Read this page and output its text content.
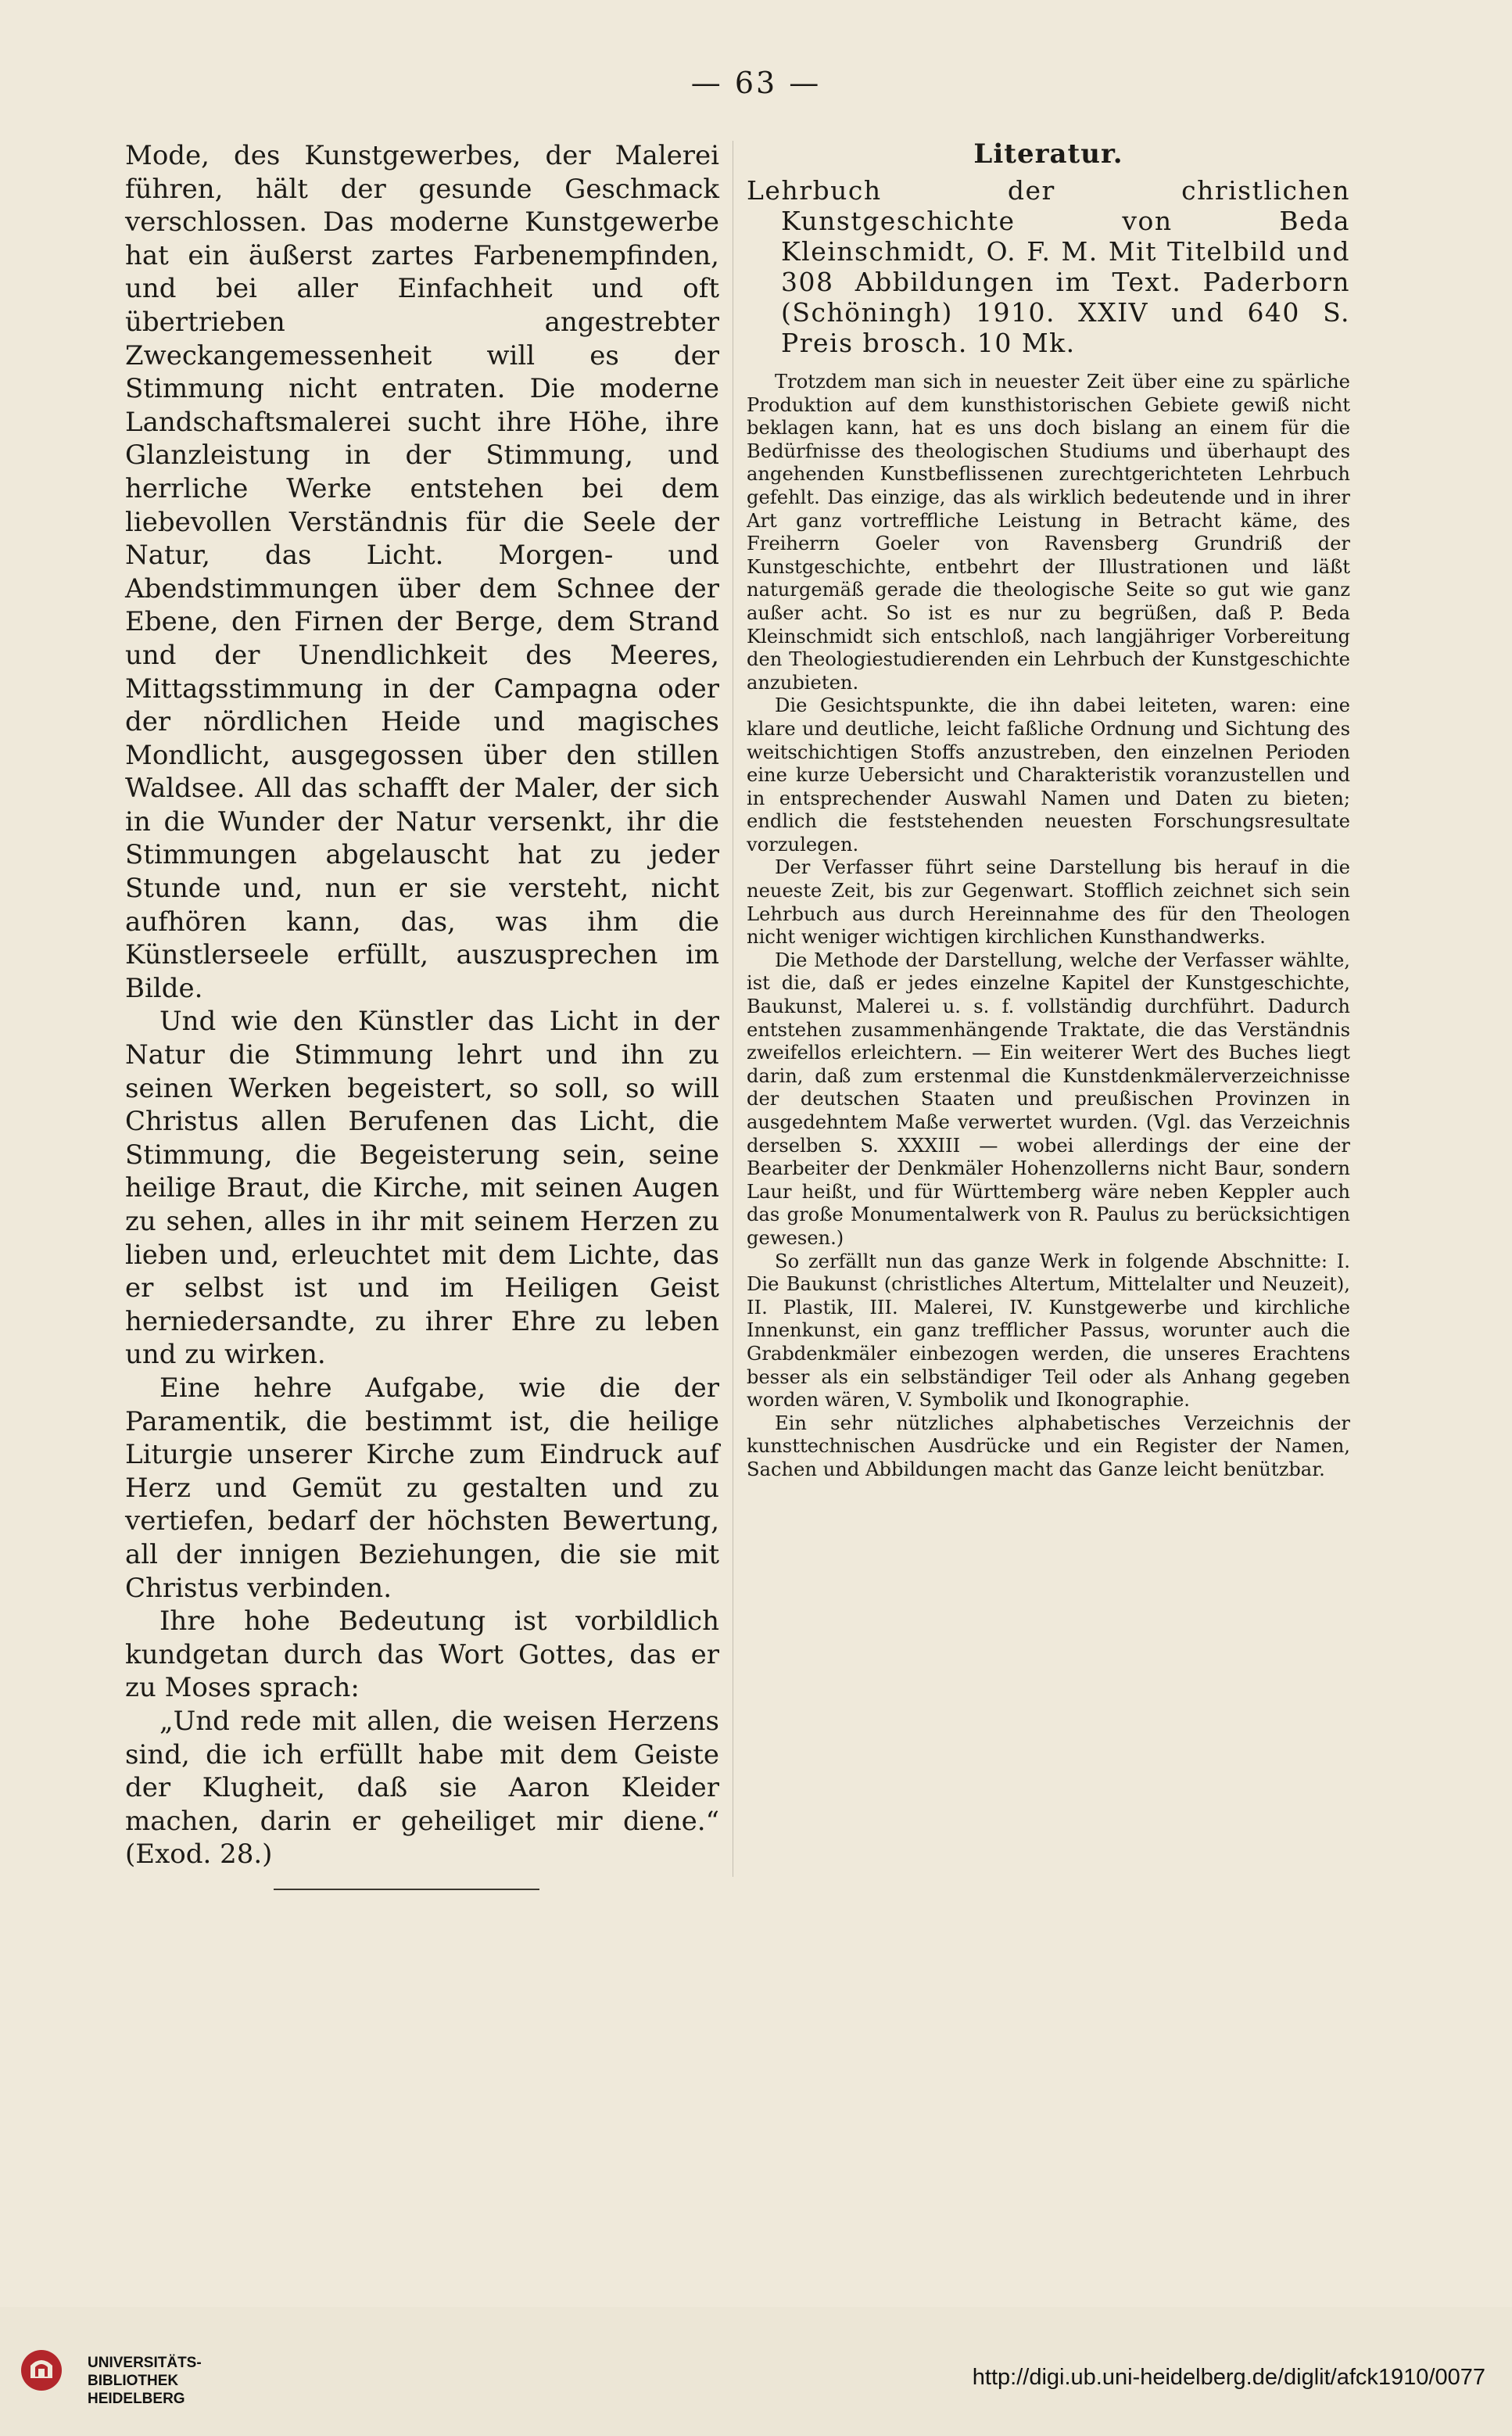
— 63 —

Mode, des Kunstgewerbes, der Malerei führen, hält der gesunde Geschmack verschlossen. Das moderne Kunstgewerbe hat ein äußerst zartes Farbenempfinden, und bei aller Einfachheit und oft übertrieben angestrebter Zweckangemessenheit will es der Stimmung nicht entraten. Die moderne Landschaftsmalerei sucht ihre Höhe, ihre Glanzleistung in der Stimmung, und herrliche Werke entstehen bei dem liebevollen Verständnis für die Seele der Natur, das Licht. Morgen- und Abendstimmungen über dem Schnee der Ebene, den Firnen der Berge, dem Strand und der Unendlichkeit des Meeres, Mittagsstimmung in der Campagna oder der nördlichen Heide und magisches Mondlicht, ausgegossen über den stillen Waldsee. All das schafft der Maler, der sich in die Wunder der Natur versenkt, ihr die Stimmungen abgelauscht hat zu jeder Stunde und, nun er sie versteht, nicht aufhören kann, das, was ihm die Künstlerseele erfüllt, auszusprechen im Bilde.

Und wie den Künstler das Licht in der Natur die Stimmung lehrt und ihn zu seinen Werken begeistert, so soll, so will Christus allen Berufenen das Licht, die Stimmung, die Begeisterung sein, seine heilige Braut, die Kirche, mit seinen Augen zu sehen, alles in ihr mit seinem Herzen zu lieben und, erleuchtet mit dem Lichte, das er selbst ist und im Heiligen Geist herniedersandte, zu ihrer Ehre zu leben und zu wirken.

Eine hehre Aufgabe, wie die der Paramentik, die bestimmt ist, die heilige Liturgie unserer Kirche zum Eindruck auf Herz und Gemüt zu gestalten und zu vertiefen, bedarf der höchsten Bewertung, all der innigen Beziehungen, die sie mit Christus verbinden.

Ihre hohe Bedeutung ist vorbildlich kundgetan durch das Wort Gottes, das er zu Moses sprach:

„Und rede mit allen, die weisen Herzens sind, die ich erfüllt habe mit dem Geiste der Klugheit, daß sie Aaron Kleider machen, darin er geheiliget mir diene.“ (Exod. 28.)

Literatur.

Lehrbuch der christlichen Kunstgeschichte von Beda Kleinschmidt, O. F. M. Mit Titelbild und 308 Abbildungen im Text. Paderborn (Schöningh) 1910. XXIV und 640 S. Preis brosch. 10 Mk.

Trotzdem man sich in neuester Zeit über eine zu spärliche Produktion auf dem kunsthistorischen Gebiete gewiß nicht beklagen kann, hat es uns doch bislang an einem für die Bedürfnisse des theologischen Studiums und überhaupt des angehenden Kunstbeflissenen zurechtgerichteten Lehrbuch gefehlt. Das einzige, das als wirklich bedeutende und in ihrer Art ganz vortreffliche Leistung in Betracht käme, des Freiherrn Goeler von Ravensberg Grundriß der Kunstgeschichte, entbehrt der Illustrationen und läßt naturgemäß gerade die theologische Seite so gut wie ganz außer acht. So ist es nur zu begrüßen, daß P. Beda Kleinschmidt sich entschloß, nach langjähriger Vorbereitung den Theologiestudierenden ein Lehrbuch der Kunstgeschichte anzubieten.

Die Gesichtspunkte, die ihn dabei leiteten, waren: eine klare und deutliche, leicht faßliche Ordnung und Sichtung des weitschichtigen Stoffs anzustreben, den einzelnen Perioden eine kurze Uebersicht und Charakteristik voranzustellen und in entsprechender Auswahl Namen und Daten zu bieten; endlich die feststehenden neuesten Forschungsresultate vorzulegen.

Der Verfasser führt seine Darstellung bis herauf in die neueste Zeit, bis zur Gegenwart. Stofflich zeichnet sich sein Lehrbuch aus durch Hereinnahme des für den Theologen nicht weniger wichtigen kirchlichen Kunsthandwerks.

Die Methode der Darstellung, welche der Verfasser wählte, ist die, daß er jedes einzelne Kapitel der Kunstgeschichte, Baukunst, Malerei u. s. f. vollständig durchführt. Dadurch entstehen zusammenhängende Traktate, die das Verständnis zweifellos erleichtern. — Ein weiterer Wert des Buches liegt darin, daß zum erstenmal die Kunstdenkmälerverzeichnisse der deutschen Staaten und preußischen Provinzen in ausgedehntem Maße verwertet wurden. (Vgl. das Verzeichnis derselben S. XXXIII — wobei allerdings der eine der Bearbeiter der Denkmäler Hohenzollerns nicht Baur, sondern Laur heißt, und für Württemberg wäre neben Keppler auch das große Monumentalwerk von R. Paulus zu berücksichtigen gewesen.)

So zerfällt nun das ganze Werk in folgende Abschnitte: I. Die Baukunst (christliches Altertum, Mittelalter und Neuzeit), II. Plastik, III. Malerei, IV. Kunstgewerbe und kirchliche Innenkunst, ein ganz trefflicher Passus, worunter auch die Grabdenkmäler einbezogen werden, die unseres Erachtens besser als ein selbständiger Teil oder als Anhang gegeben worden wären, V. Symbolik und Ikonographie.

Ein sehr nützliches alphabetisches Verzeichnis der kunsttechnischen Ausdrücke und ein Register der Namen, Sachen und Abbildungen macht das Ganze leicht benützbar.

UNIVERSITÄTS-
BIBLIOTHEK
HEIDELBERG
http://digi.ub.uni-heidelberg.de/diglit/afck1910/0077
